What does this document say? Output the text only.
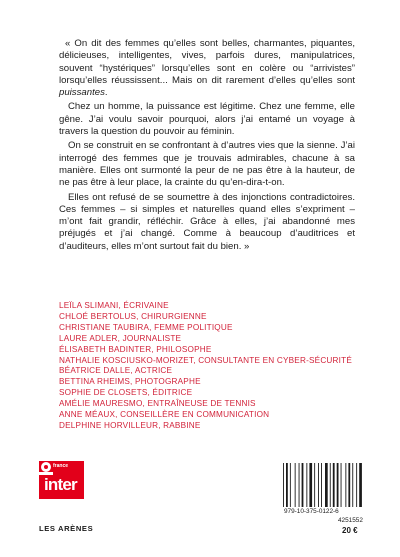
« On dit des femmes qu’elles sont belles, charmantes, piquantes, délicieuses, intelligentes, vives, parfois dures, manipulatrices, souvent “hystériques” lorsqu’elles sont en colère ou “arrivistes” lorsqu’elles réussissent... Mais on dit rarement d’elles qu’elles sont puissantes.

Chez un homme, la puissance est légitime. Chez une femme, elle gêne. J’ai voulu savoir pourquoi, alors j’ai entamé un voyage à travers la question du pouvoir au féminin.

On se construit en se confrontant à d’autres vies que la sienne. J’ai interrogé des femmes que je trouvais admirables, chacune à sa manière. Elles ont surmonté la peur de ne pas être à la hauteur, de ne pas être à leur place, la crainte du qu’en-dira-t-on.

Elles ont refusé de se soumettre à des injonctions contradictoires. Ces femmes – si simples et naturelles quand elles s’expriment – m’ont fait grandir, réfléchir. Grâce à elles, j’ai abandonné mes préjugés et j’ai changé. Comme à beaucoup d’auditrices et d’auditeurs, elles m’ont surtout fait du bien. »

LEÏLA SLIMANI, ÉCRIVAINE
CHLOÉ BERTOLUS, CHIRURGIENNE
CHRISTIANE TAUBIRA, FEMME POLITIQUE
LAURE ADLER, JOURNALISTE
ÉLISABETH BADINTER, PHILOSOPHE
NATHALIE KOSCIUSKO-MORIZET, CONSULTANTE EN CYBER-SÉCURITÉ
BÉATRICE DALLE, ACTRICE
BETTINA RHEIMS, PHOTOGRAPHE
SOPHIE DE CLOSETS, ÉDITRICE
AMÉLIE MAURESMO, ENTRAÎNEUSE DE TENNIS
ANNE MÉAUX, CONSEILLÈRE EN COMMUNICATION
DELPHINE HORVILLEUR, RABBINE
france
inter
LES ARÈNES
979-10-375-0122-6
4251552
20 €
